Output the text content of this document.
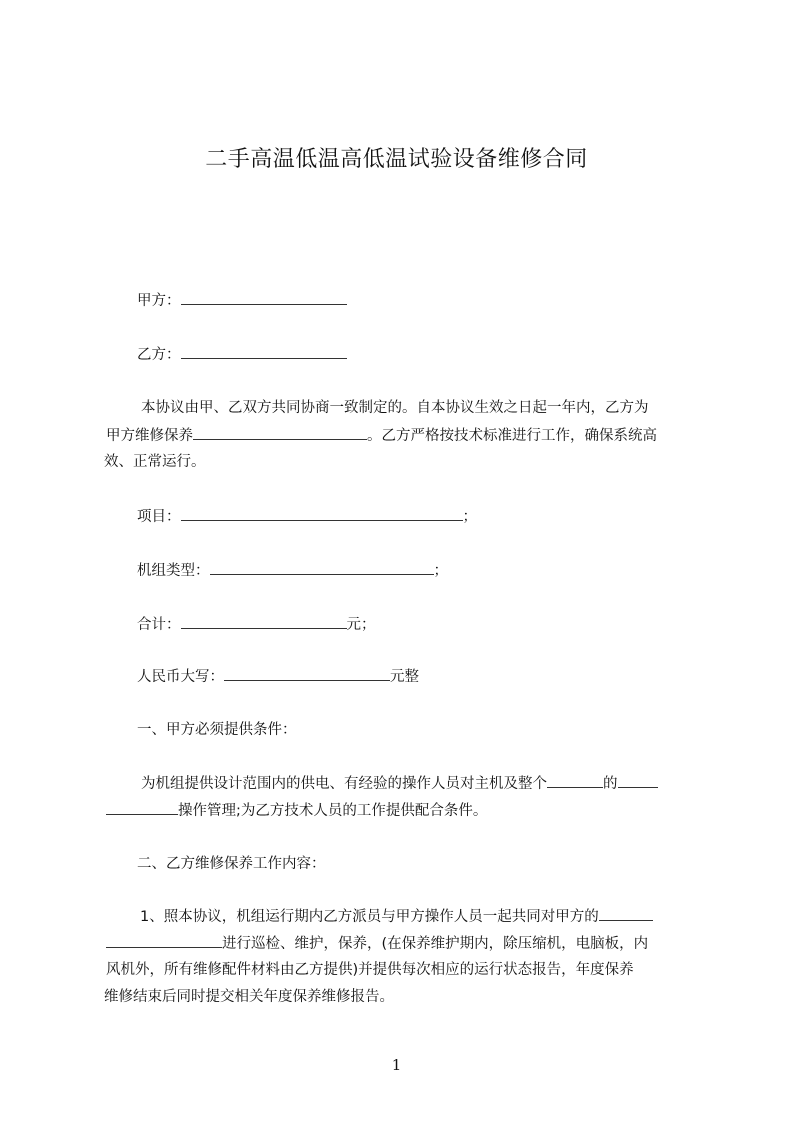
二手高温低温高低温试验设备维修合同
甲方：
乙方：
本协议由甲、乙双方共同协商一致制定的。自本协议生效之日起一年内，乙方为
甲方维修保养	。乙方严格按技术标准进行工作，确保系统高
效、正常运行。
项目：	；
机组类型：	；
合计：	元；
人民币大写：	元整
一、甲方必须提供条件：
为机组提供设计范围内的供电、有经验的操作人员对主机及整个	的
操作管理;为乙方技术人员的工作提供配合条件。
二、乙方维修保养工作内容：
1、照本协议，机组运行期内乙方派员与甲方操作人员一起共同对甲方的
进行巡检、维护，保养，(在保养维护期内，除压缩机，电脑板，内
风机外，所有维修配件材料由乙方提供)并提供每次相应的运行状态报告，年度保养
维修结束后同时提交相关年度保养维修报告。
1
